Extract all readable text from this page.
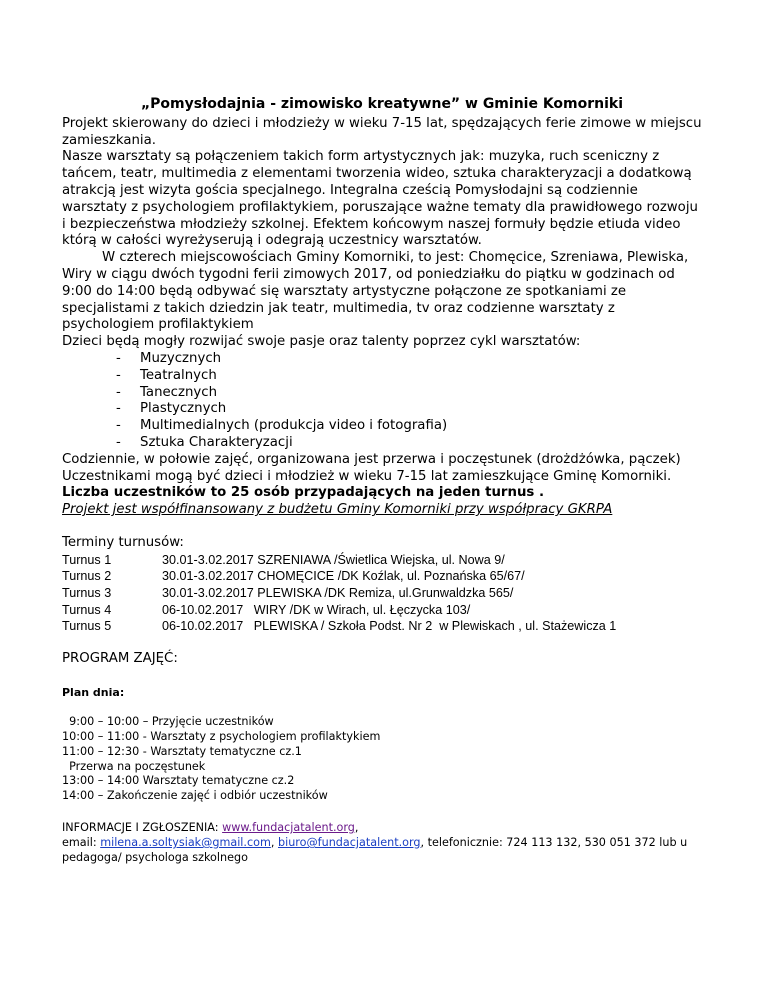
„Pomysłodajnia - zimowisko kreatywne” w Gminie Komorniki

Projekt skierowany do dzieci i młodzieży w wieku 7-15 lat, spędzających ferie zimowe w miejscu zamieszkania.

Nasze warsztaty są połączeniem takich form artystycznych jak: muzyka, ruch sceniczny z tańcem, teatr, multimedia z elementami tworzenia wideo, sztuka charakteryzacji a dodatkową atrakcją jest wizyta gościa specjalnego. Integralna cześcią Pomysłodajni są codziennie warsztaty z psychologiem profilaktykiem, poruszające ważne tematy dla prawidłowego rozwoju i bezpieczeństwa młodzieży szkolnej. Efektem końcowym naszej formuły będzie etiuda video którą w całości wyreżyserują i odegrają uczestnicy warsztatów.

W czterech miejscowościach Gminy Komorniki, to jest: Chomęcice, Szreniawa, Plewiska, Wiry w ciągu dwóch tygodni ferii zimowych 2017, od poniedziałku do piątku w godzinach od 9:00 do 14:00 będą odbywać się warsztaty artystyczne połączone ze spotkaniami ze specjalistami z takich dziedzin jak teatr, multimedia, tv oraz codzienne warsztaty z psychologiem profilaktykiem

Dzieci będą mogły rozwijać swoje pasje oraz talenty poprzez cykl warsztatów:

- Muzycznych
- Teatralnych
- Tanecznych
- Plastycznych
- Multimedialnych (produkcja video i fotografia)
- Sztuka Charakteryzacji

Codziennie, w połowie zajęć, organizowana jest przerwa i poczęstunek (drożdżówka, pączek)

Uczestnikami mogą być dzieci i młodzież w wieku 7-15 lat zamieszkujące Gminę Komorniki.

Liczba uczestników to 25 osób przypadających na jeden turnus .

Projekt jest współfinansowany z budżetu Gminy Komorniki przy współpracy GKRPA

Terminy turnusów:

Turnus 1	30.01-3.02.2017 SZRENIAWA /Świetlica Wiejska, ul. Nowa 9/
Turnus 2	30.01-3.02.2017 CHOMĘCICE /DK Koźlak, ul. Poznańska 65/67/
Turnus 3	30.01-3.02.2017 PLEWISKA /DK Remiza, ul.Grunwaldzka 565/
Turnus 4	06-10.02.2017   WIRY /DK w Wirach, ul. Łęczycka 103/
Turnus 5	06-10.02.2017   PLEWISKA / Szkoła Podst. Nr 2  w Plewiskach , ul. Stażewicza 1

PROGRAM ZAJĘĆ:

Plan dnia:

9:00 – 10:00 – Przyjęcie uczestników
10:00 – 11:00 - Warsztaty z psychologiem profilaktykiem
11:00 – 12:30 - Warsztaty tematyczne cz.1
Przerwa na poczęstunek
13:00 – 14:00 Warsztaty tematyczne cz.2
14:00 – Zakończenie zajęć i odbiór uczestników

INFORMACJE I ZGŁOSZENIA: www.fundacjatalent.org,
email: milena.a.soltysiak@gmail.com, biuro@fundacjatalent.org, telefonicznie: 724 113 132, 530 051 372 lub u pedagoga/ psychologa szkolnego
